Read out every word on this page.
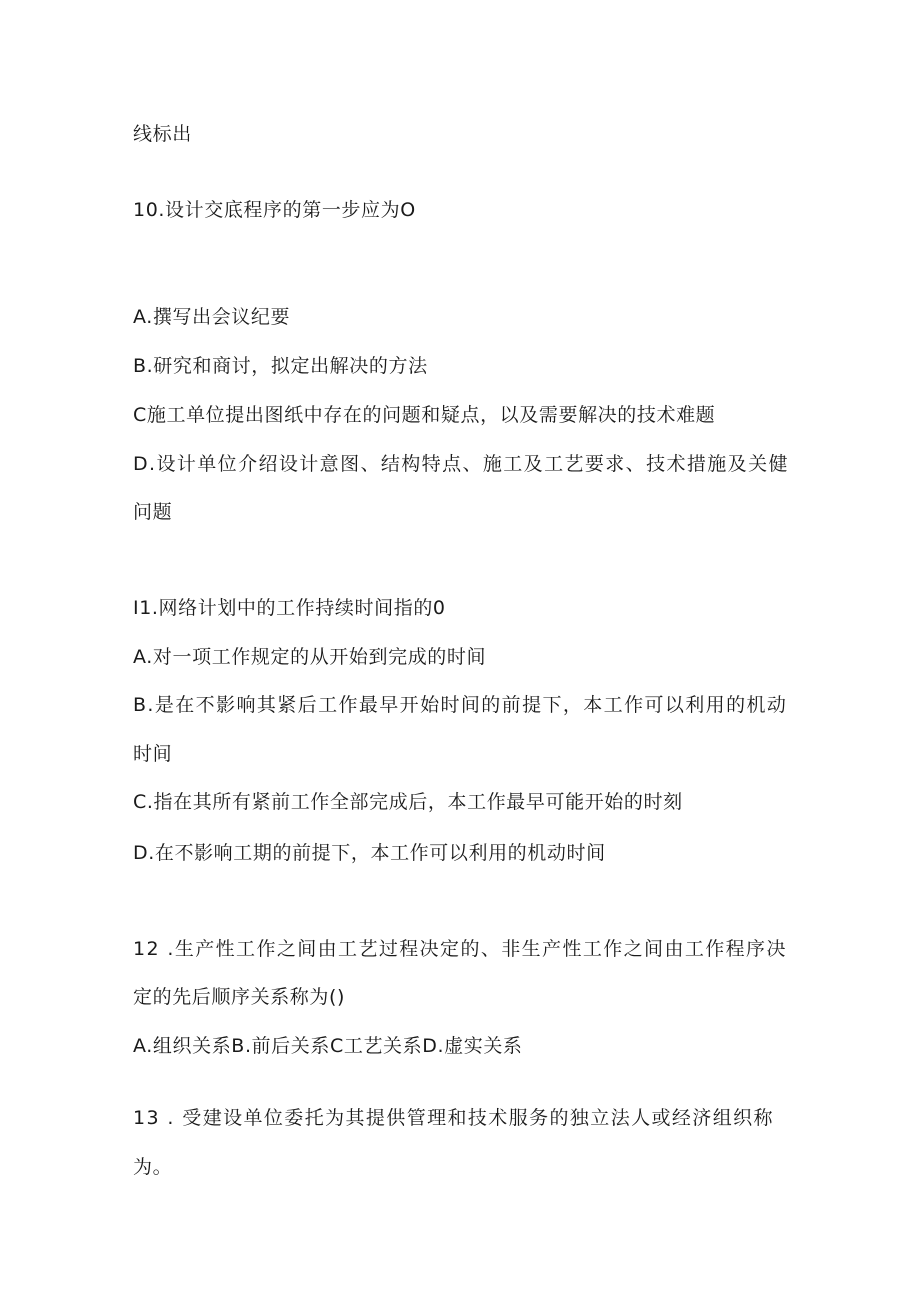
线标出
10.设计交底程序的第一步应为O
A.撰写出会议纪要
B.研究和商讨，拟定出解决的方法
C施工单位提出图纸中存在的问题和疑点，以及需要解决的技术难题
D.设计单位介绍设计意图、结构特点、施工及工艺要求、技术措施及关健
问题
I1.网络计划中的工作持续时间指的0
A.对一项工作规定的从开始到完成的时间
B.是在不影响其紧后工作最早开始时间的前提下，本工作可以利用的机动
时间
C.指在其所有紧前工作全部完成后，本工作最早可能开始的时刻
D.在不影响工期的前提下，本工作可以利用的机动时间
12 .生产性工作之间由工艺过程决定的、非生产性工作之间由工作程序决
定的先后顺序关系称为()
A.组织关系B.前后关系C工艺关系D.虚实关系
13 . 受建设单位委托为其提供管理和技术服务的独立法人或经济组织称
为。
